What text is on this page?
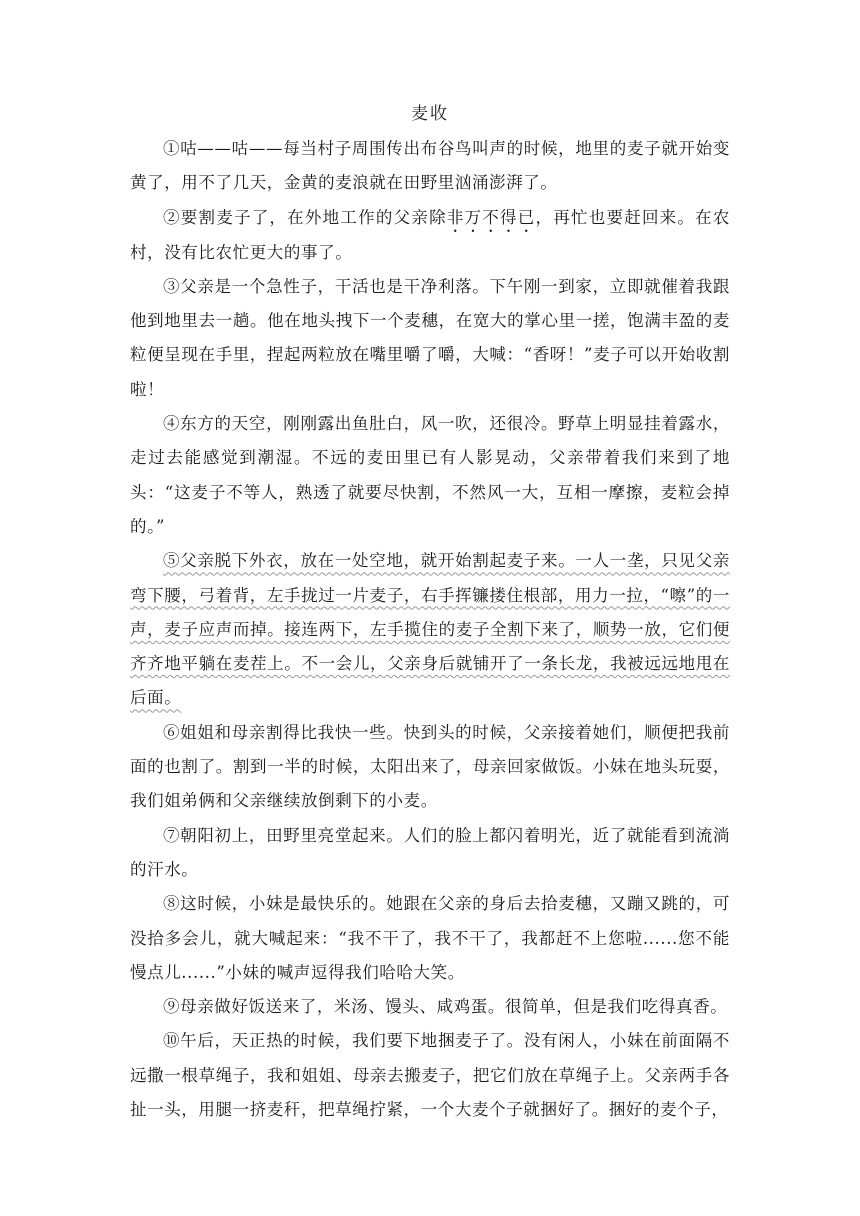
麦收

①咕——咕——每当村子周围传出布谷鸟叫声的时候，地里的麦子就开始变黄了，用不了几天，金黄的麦浪就在田野里汹涌澎湃了。

②要割麦子了，在外地工作的父亲除非万不得已，再忙也要赶回来。在农村，没有比农忙更大的事了。

③父亲是一个急性子，干活也是干净利落。下午刚一到家，立即就催着我跟他到地里去一趟。他在地头拽下一个麦穗，在宽大的掌心里一搓，饱满丰盈的麦粒便呈现在手里，捏起两粒放在嘴里嚼了嚼，大喊：“香呀！”麦子可以开始收割啦！

④东方的天空，刚刚露出鱼肚白，风一吹，还很冷。野草上明显挂着露水，走过去能感觉到潮湿。不远的麦田里已有人影晃动，父亲带着我们来到了地头：“这麦子不等人，熟透了就要尽快割，不然风一大，互相一摩擦，麦粒会掉的。”

⑤父亲脱下外衣，放在一处空地，就开始割起麦子来。一人一垄，只见父亲弯下腰，弓着背，左手拢过一片麦子，右手挥镰搂住根部，用力一拉，“嚓”的一声，麦子应声而掉。接连两下，左手揽住的麦子全割下来了，顺势一放，它们便齐齐地平躺在麦茬上。不一会儿，父亲身后就铺开了一条长龙，我被远远地甩在后面。

⑥姐姐和母亲割得比我快一些。快到头的时候，父亲接着她们，顺便把我前面的也割了。割到一半的时候，太阳出来了，母亲回家做饭。小妹在地头玩耍，我们姐弟俩和父亲继续放倒剩下的小麦。

⑦朝阳初上，田野里亮堂起来。人们的脸上都闪着明光，近了就能看到流淌的汗水。

⑧这时候，小妹是最快乐的。她跟在父亲的身后去拾麦穗，又蹦又跳的，可没拾多会儿，就大喊起来：“我不干了，我不干了，我都赶不上您啦......您不能慢点儿......”小妹的喊声逗得我们哈哈大笑。

⑨母亲做好饭送来了，米汤、馒头、咸鸡蛋。很简单，但是我们吃得真香。

⑩午后，天正热的时候，我们要下地捆麦子了。没有闲人，小妹在前面隔不远撒一根草绳子，我和姐姐、母亲去搬麦子，把它们放在草绳子上。父亲两手各扯一头，用腿一挤麦秆，把草绳拧紧，一个大麦个子就捆好了。捆好的麦个子，
